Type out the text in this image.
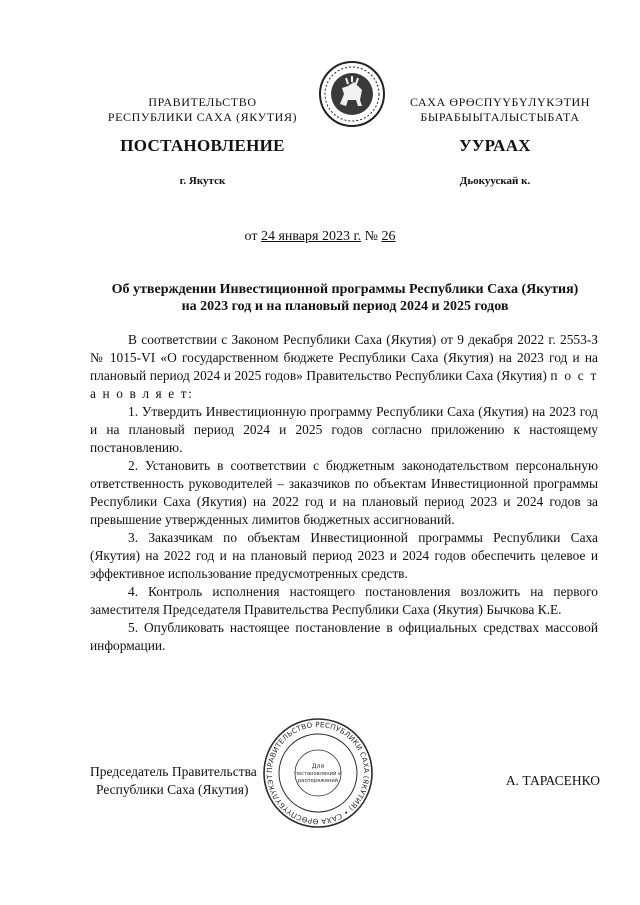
ПРАВИТЕЛЬСТВО
РЕСПУБЛИКИ САХА (ЯКУТИЯ)
САХА ӨРӨСПҮҮБҮЛҮКЭТИН
БЫРАБЫЫТАЛЫСТЫБАТА
ПОСТАНОВЛЕНИЕ	УУРААХ
г. Якутск	Дьокуускай к.
от 24 января 2023 г. № 26
Об утверждении Инвестиционной программы Республики Саха (Якутия)
на 2023 год и на плановый период 2024 и 2025 годов

В соответствии с Законом Республики Саха (Якутия) от 9 декабря 2022 г. 2553-З № 1015-VI «О государственном бюджете Республики Саха (Якутия) на 2023 год и на плановый период 2024 и 2025 годов» Правительство Республики Саха (Якутия) п о с т а н о в л я е т:

1. Утвердить Инвестиционную программу Республики Саха (Якутия) на 2023 год и на плановый период 2024 и 2025 годов согласно приложению к настоящему постановлению.

2. Установить в соответствии с бюджетным законодательством персональную ответственность руководителей – заказчиков по объектам Инвестиционной программы Республики Саха (Якутия) на 2022 год и на плановый период 2023 и 2024 годов за превышение утвержденных лимитов бюджетных ассигнований.

3. Заказчикам по объектам Инвестиционной программы Республики Саха (Якутия) на 2022 год и на плановый период 2023 и 2024 годов обеспечить целевое и эффективное использование предусмотренных средств.

4. Контроль исполнения настоящего постановления возложить на первого заместителя Председателя Правительства Республики Саха (Якутия) Бычкова К.Е.

5. Опубликовать настоящее постановление в официальных средствах массовой информации.

Председатель Правительства
Республики Саха (Якутия)
А. ТАРАСЕНКО
ПРАВИТЕЛЬСТВО РЕСПУБЛИКИ САХА (ЯКУТИЯ) • САХА ӨРӨСПҮҮБҮЛҮКЭТ
Для
постановлений и
распоряжений
